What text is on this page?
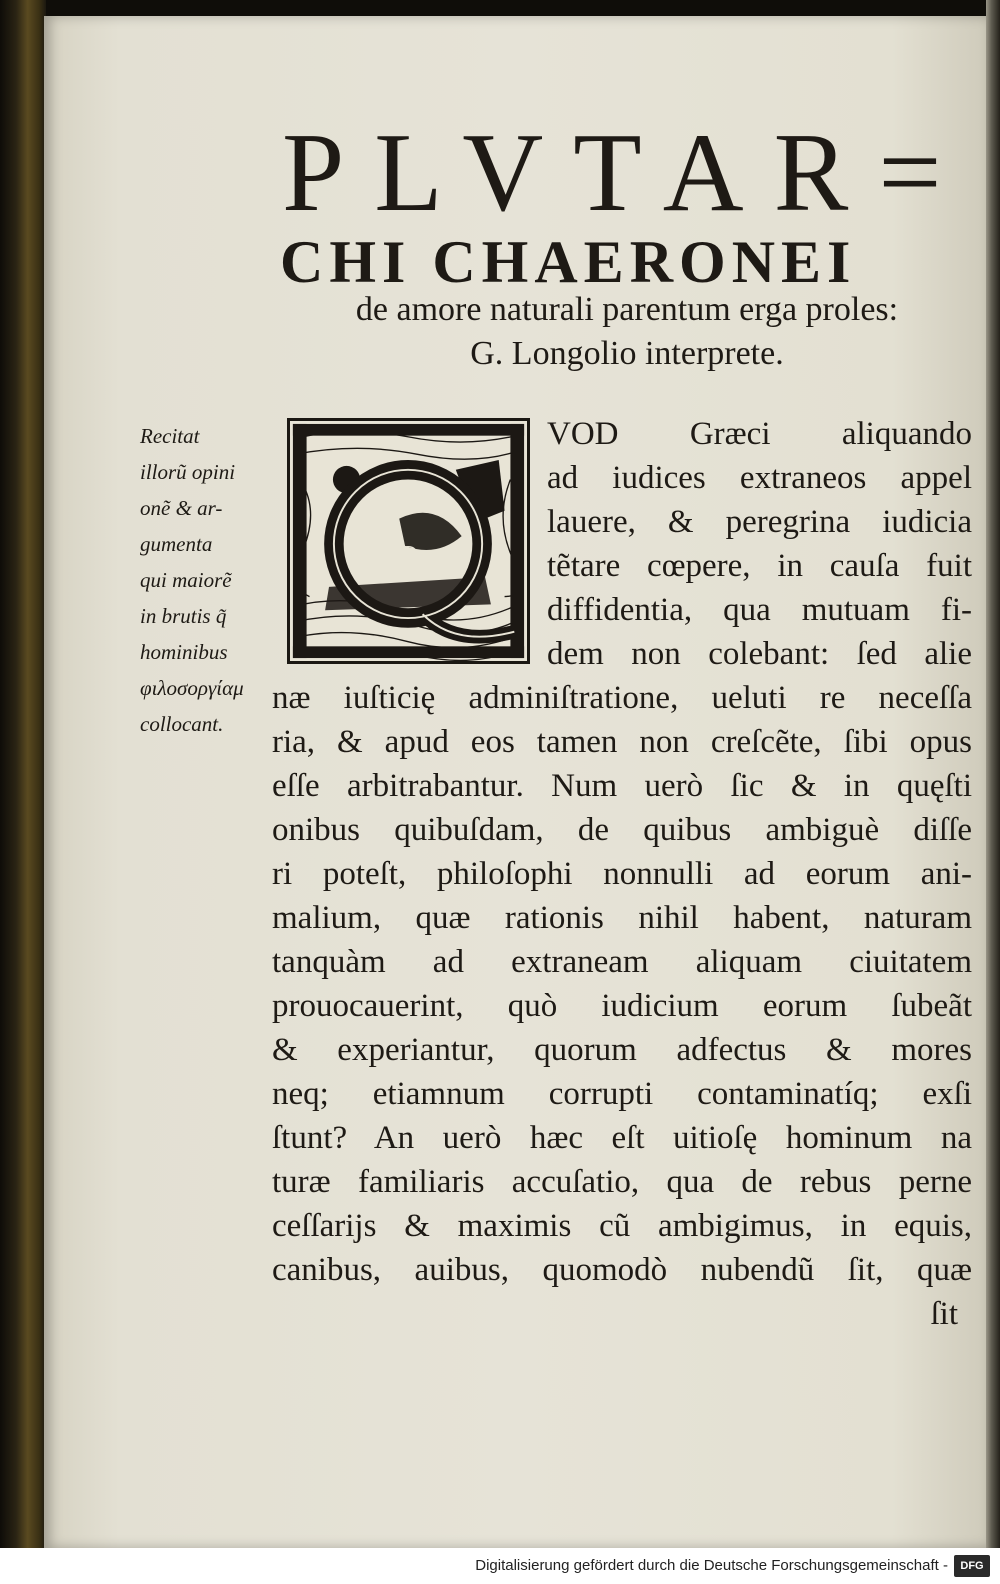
PLVTAR=
CHI CHAERONEI
de amore naturali parentum erga proles:
G. Longolio interprete.
Q
Recitat
illorũ opini
onẽ & ar-
gumenta
qui maiorẽ
in brutis q̃
hominibus
φιλοσοργίαμ
collocant.
VOD Græci aliquando
ad iudices extraneos appel
lauere, & peregrina iudicia
tẽtare cœpere, in cauſa fuit
diffidentia, qua mutuam fi-
dem non colebant: ſed alie
næ iuſticię adminiſtratione, ueluti re neceſſa
ria, & apud eos tamen non creſcẽte, ſibi opus
eſſe arbitrabantur. Num uerò ſic & in quęſti
onibus quibuſdam, de quibus ambiguè diſſe
ri poteſt, philoſophi nonnulli ad eorum ani-
malium, quæ rationis nihil habent, naturam
tanquàm ad extraneam aliquam ciuitatem
prouocauerint, quò iudicium eorum ſubeãt
& experiantur, quorum adfectus & mores
neq; etiamnum corrupti contaminatíq; exſi
ſtunt? An uerò hæc eſt uitioſę hominum na
turæ familiaris accuſatio, qua de rebus perne
ceſſarijs & maximis cũ ambigimus, in equis,
canibus, auibus, quomodò nubendũ ſit, quæ
ſit
Digitalisierung gefördert durch die Deutsche Forschungsgemeinschaft -	DFG
